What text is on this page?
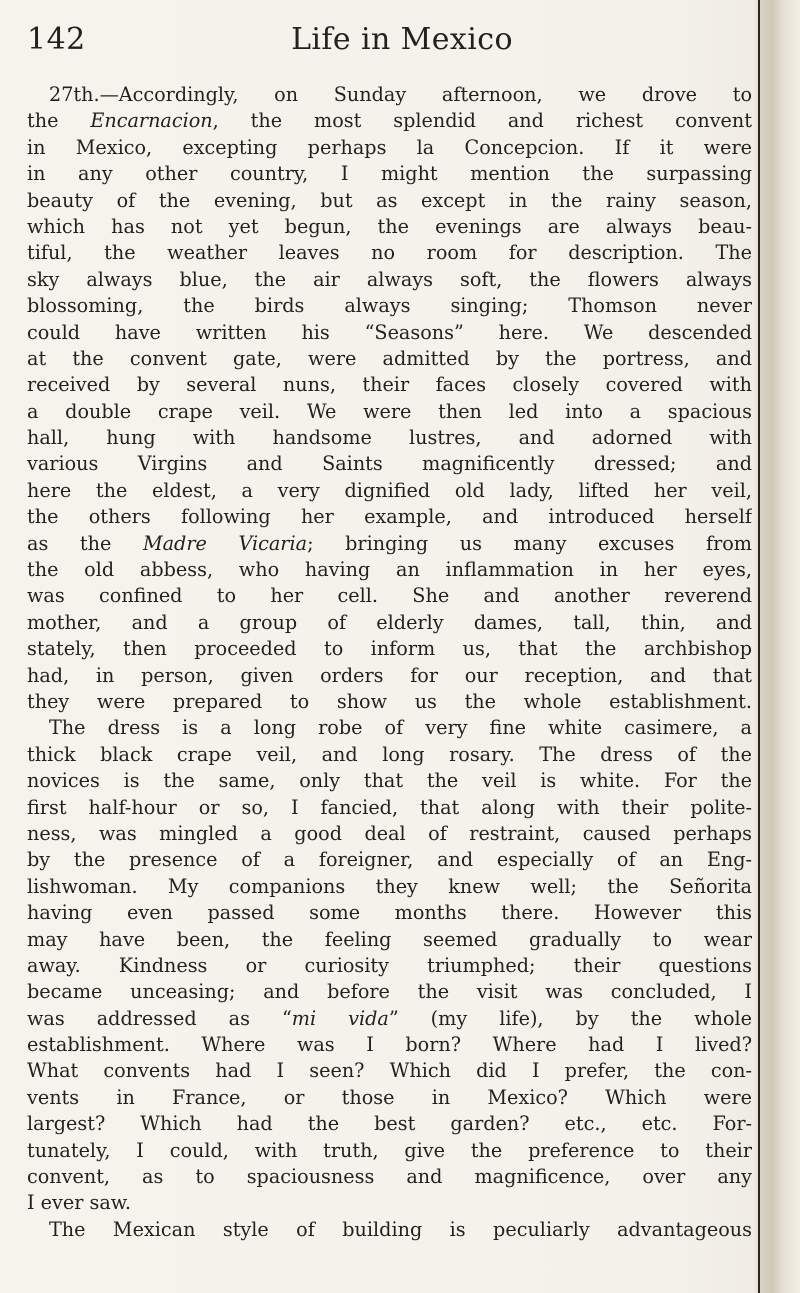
142	Life in Mexico
27th.—Accordingly, on Sunday afternoon, we drove to
the Encarnacion, the most splendid and richest convent
in Mexico, excepting perhaps la Concepcion. If it were
in any other country, I might mention the surpassing
beauty of the evening, but as except in the rainy season,
which has not yet begun, the evenings are always beau-
tiful, the weather leaves no room for description. The
sky always blue, the air always soft, the flowers always
blossoming, the birds always singing; Thomson never
could have written his “Seasons” here. We descended
at the convent gate, were admitted by the portress, and
received by several nuns, their faces closely covered with
a double crape veil. We were then led into a spacious
hall, hung with handsome lustres, and adorned with
various Virgins and Saints magnificently dressed; and
here the eldest, a very dignified old lady, lifted her veil,
the others following her example, and introduced herself
as the Madre Vicaria; bringing us many excuses from
the old abbess, who having an inflammation in her eyes,
was confined to her cell. She and another reverend
mother, and a group of elderly dames, tall, thin, and
stately, then proceeded to inform us, that the archbishop
had, in person, given orders for our reception, and that
they were prepared to show us the whole establishment.
The dress is a long robe of very fine white casimere, a
thick black crape veil, and long rosary. The dress of the
novices is the same, only that the veil is white. For the
first half-hour or so, I fancied, that along with their polite-
ness, was mingled a good deal of restraint, caused perhaps
by the presence of a foreigner, and especially of an Eng-
lishwoman. My companions they knew well; the Señorita
having even passed some months there. However this
may have been, the feeling seemed gradually to wear
away. Kindness or curiosity triumphed; their questions
became unceasing; and before the visit was concluded, I
was addressed as “mi vida” (my life), by the whole
establishment. Where was I born? Where had I lived?
What convents had I seen? Which did I prefer, the con-
vents in France, or those in Mexico? Which were
largest? Which had the best garden? etc., etc. For-
tunately, I could, with truth, give the preference to their
convent, as to spaciousness and magnificence, over any
I ever saw.
The Mexican style of building is peculiarly advantageous
